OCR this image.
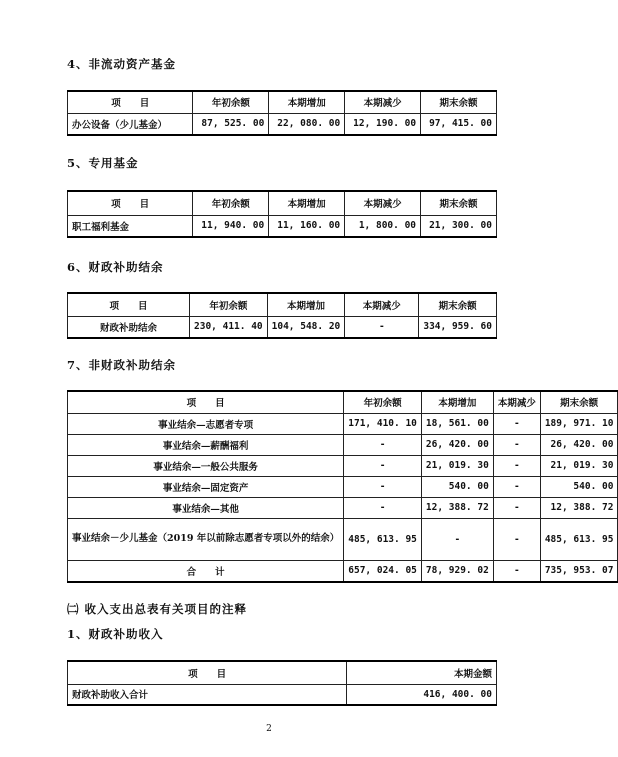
4、非流动资产基金
项　　目	年初余额	本期增加	本期减少	期末余额
办公设备（少儿基金）	87, 525. 00	22, 080. 00	12, 190. 00	97, 415. 00
5、专用基金
项　　目	年初余额	本期增加	本期减少	期末余额
职工福利基金	11, 940. 00	11, 160. 00	1, 800. 00	21, 300. 00
6、财政补助结余
项　　目	年初余额	本期增加	本期减少	期末余额
财政补助结余	230, 411. 40	104, 548. 20	-	334, 959. 60
7、非财政补助结余
项　　目	年初余额	本期增加	本期减少	期末余额
事业结余—志愿者专项	171, 410. 10	18, 561. 00	-	189, 971. 10
事业结余—薪酬福利	-	26, 420. 00	-	26, 420. 00
事业结余—一般公共服务	-	21, 019. 30	-	21, 019. 30
事业结余—固定资产	-	540. 00	-	540. 00
事业结余—其他	-	12, 388. 72	-	12, 388. 72
事业结余－少儿基金（2019 年以前除志愿者专项以外的结余）	485, 613. 95	-	-	485, 613. 95
合　　计	657, 024. 05	78, 929. 02	-	735, 953. 07
㈡ 收入支出总表有关项目的注释
1、财政补助收入
项　　目	本期金额
财政补助收入合计	416, 400. 00
2
